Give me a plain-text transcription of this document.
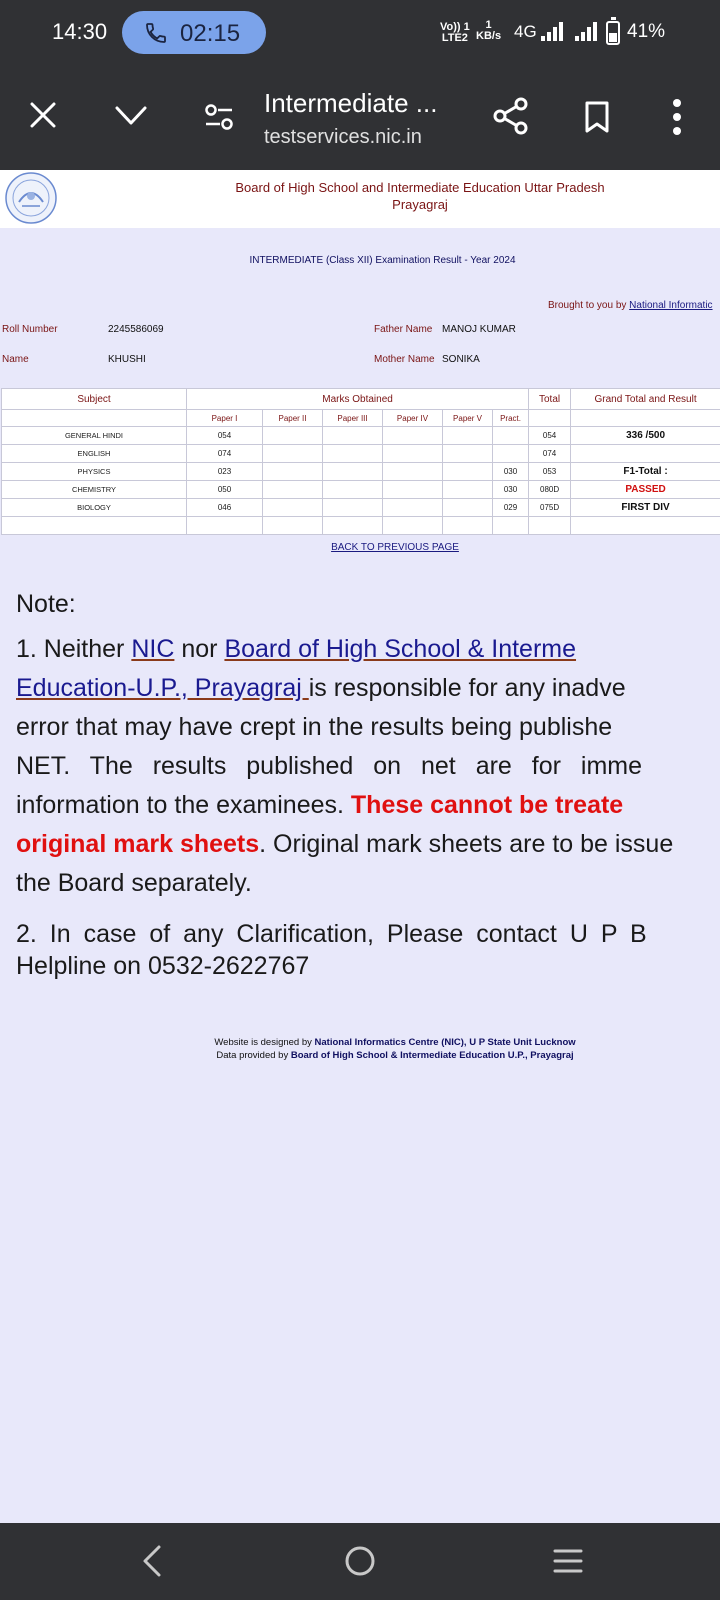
14:30	02:15	Vo)) 1
LTE2
1
KB/s 4G	41%
Intermediate ...
testservices.nic.in
Board of High School and Intermediate Education Uttar Pradesh
Prayagraj
INTERMEDIATE (Class XII) Examination Result - Year 2024
Brought to you by National Informatic
Roll Number	2245586069	Father Name MANOJ KUMAR
Name	KHUSHI	Mother Name SONIKA
Subject	Marks Obtained						Total	Grand Total and Result
	Paper I	Paper II	Paper III	Paper IV	Paper V	Pract.		
GENERAL HINDI	054						054	336 /500
ENGLISH	074						074	
PHYSICS	023					030	053	F1-Total :
CHEMISTRY	050					030	080D	PASSED
BIOLOGY	046					029	075D	FIRST DIV

BACK TO PREVIOUS PAGE
Note:
1. Neither NIC nor Board of High School & Interme
Education-U.P., Prayagraj is responsible for any inadve
error that may have crept in the results being publishe
NET. The results published on net are for imme
information to the examinees. These cannot be treate
original mark sheets. Original mark sheets are to be issue
the Board separately.
2. In case of any Clarification, Please contact U P B
Helpline on 0532-2622767
Website is designed by National Informatics Centre (NIC), U P State Unit Lucknow
Data provided by Board of High School & Intermediate Education U.P., Prayagraj
